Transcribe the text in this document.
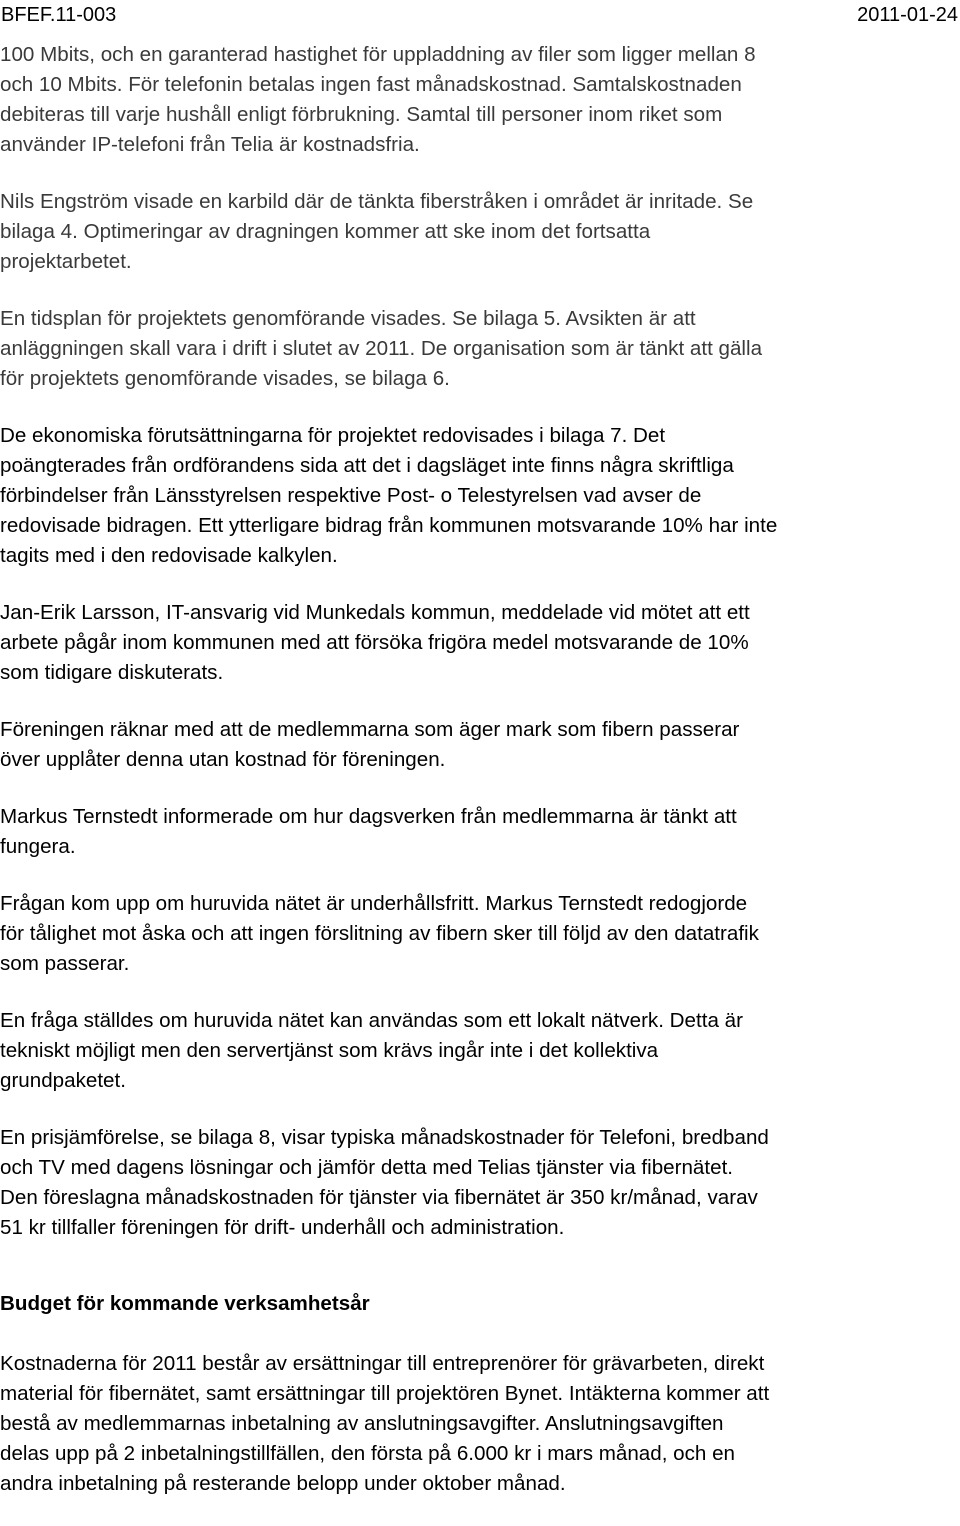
BFEF.11-003	2011-01-24

100 Mbits, och en garanterad hastighet för uppladdning av filer som ligger mellan 8
och 10 Mbits. För telefonin betalas ingen fast månadskostnad. Samtalskostnaden
debiteras till varje hushåll enligt förbrukning. Samtal till personer inom riket som
använder IP-telefoni från Telia är kostnadsfria.

Nils Engström visade en karbild där de tänkta fiberstråken i området är inritade. Se
bilaga 4. Optimeringar av dragningen kommer att ske inom det fortsatta
projektarbetet.

En tidsplan för projektets genomförande visades. Se bilaga 5. Avsikten är att
anläggningen skall vara i drift i slutet av 2011. De organisation som är tänkt att gälla
för projektets genomförande visades, se bilaga 6.

De ekonomiska förutsättningarna för projektet redovisades i bilaga 7. Det
poängterades från ordförandens sida att det i dagsläget inte finns några skriftliga
förbindelser från Länsstyrelsen respektive Post- o Telestyrelsen vad avser de
redovisade bidragen. Ett ytterligare bidrag från kommunen motsvarande 10% har inte
tagits med i den redovisade kalkylen.

Jan-Erik Larsson, IT-ansvarig vid Munkedals kommun, meddelade vid mötet att ett
arbete pågår inom kommunen med att försöka frigöra medel motsvarande de 10%
som tidigare diskuterats.

Föreningen räknar med att de medlemmarna som äger mark som fibern passerar
över upplåter denna utan kostnad för föreningen.

Markus Ternstedt informerade om hur dagsverken från medlemmarna är tänkt att
fungera.

Frågan kom upp om huruvida nätet är underhållsfritt. Markus Ternstedt redogjorde
för tålighet mot åska och att ingen förslitning av fibern sker till följd av den datatrafik
som passerar.

En fråga ställdes om huruvida nätet kan användas som ett lokalt nätverk. Detta är
tekniskt möjligt men den servertjänst som krävs ingår inte i det kollektiva
grundpaketet.

En prisjämförelse, se bilaga 8, visar typiska månadskostnader för Telefoni, bredband
och TV med dagens lösningar och jämför detta med Telias tjänster via fibernätet.
Den föreslagna månadskostnaden för tjänster via fibernätet är 350 kr/månad, varav
51 kr tillfaller föreningen för drift- underhåll och administration.

Budget för kommande verksamhetsår

Kostnaderna för 2011 består av ersättningar till entreprenörer för grävarbeten, direkt
material för fibernätet, samt ersättningar till projektören Bynet. Intäkterna kommer att
bestå av medlemmarnas inbetalning av anslutningsavgifter. Anslutningsavgiften
delas upp på 2 inbetalningstillfällen, den första på 6.000 kr i mars månad, och en
andra inbetalning på resterande belopp under oktober månad.
